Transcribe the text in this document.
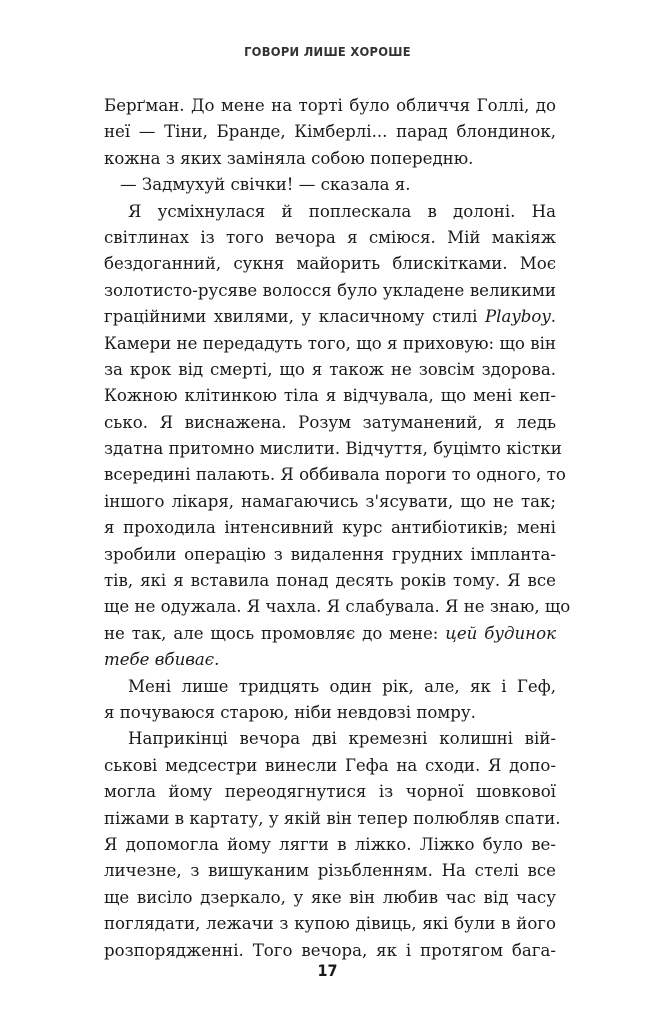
ГОВОРИ ЛИШЕ ХОРОШЕ
Берґман. До мене на торті було обличчя Голлі, до
неї — Тіни, Бранде, Кімберлі... парад блондинок,
кожна з яких заміняла собою попередню.
— Задмухуй свічки! — сказала я.
Я усміхнулася й поплескала в долоні. На
світлинах із того вечора я сміюся. Мій макіяж
бездоганний, сукня майорить блискітками. Моє
золотисто-русяве волосся було укладене великими
граційними хвилями, у класичному стилі Playboy.
Камери не передадуть того, що я приховую: що він
за крок від смерті, що я також не зовсім здорова.
Кожною клітинкою тіла я відчувала, що мені кеп-
сько. Я виснажена. Розум затуманений, я ледь
здатна притомно мислити. Відчуття, буцімто кістки
всередині палають. Я оббивала пороги то одного, то
іншого лікаря, намагаючись з'ясувати, що не так;
я проходила інтенсивний курс антибіотиків; мені
зробили операцію з видалення грудних імплантa-
тів, які я вставила понад десять років тому. Я все
ще не одужала. Я чахла. Я слабувала. Я не знаю, що
не так, але щось промовляє до мене: цей будинок
тебе вбиває.
Мені лише тридцять один рік, але, як і Геф,
я почуваюся старою, ніби невдовзі помру.
Наприкінці вечора дві кремезні колишні вій-
ськові медсестри винесли Гефа на сходи. Я допо-
могла йому переодягнутися із чорної шовкової
піжами в картату, у якій він тепер полюбляв спати.
Я допомогла йому лягти в ліжко. Ліжко було ве-
личезне, з вишуканим різьбленням. На стелі все
ще висіло дзеркало, у яке він любив час від часу
поглядати, лежачи з купою дівиць, які були в його
розпорядженні. Того вечора, як і протягом бага-
17
